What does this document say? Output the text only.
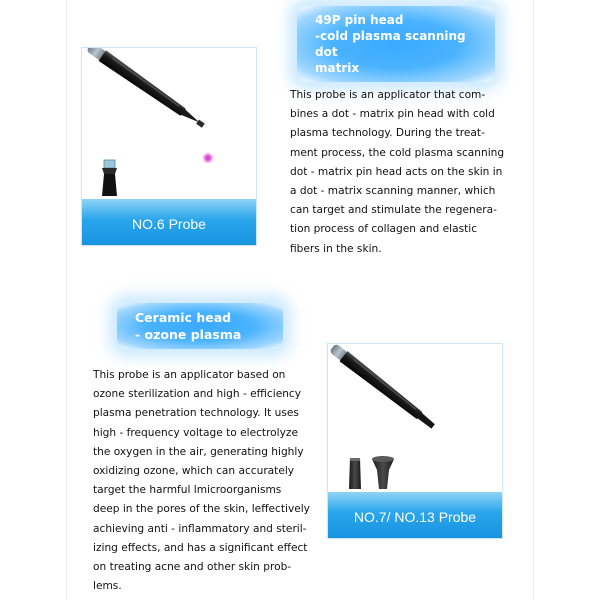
49P pin head
-cold plasma scanning dot
matrix
NO.6 Probe
This probe is an applicator that com-
bines a dot - matrix pin head with cold
plasma technology. During the treat-
ment process, the cold plasma scanning
dot - matrix pin head acts on the skin in
a dot - matrix scanning manner, which
can target and stimulate the regenera-
tion process of collagen and elastic
fibers in the skin.
Ceramic head
- ozone plasma
This probe is an applicator based on
ozone sterilization and high - efficiency
plasma penetration technology. It uses
high - frequency voltage to electrolyze
the oxygen in the air, generating highly
oxidizing ozone, which can accurately
target the harmful lmicroorganisms
deep in the pores of the skin, leffectively
achieving anti - inflammatory and steril-
izing effects, and has a significant effect
on treating acne and other skin prob-
lems.
NO.7/ NO.13 Probe
